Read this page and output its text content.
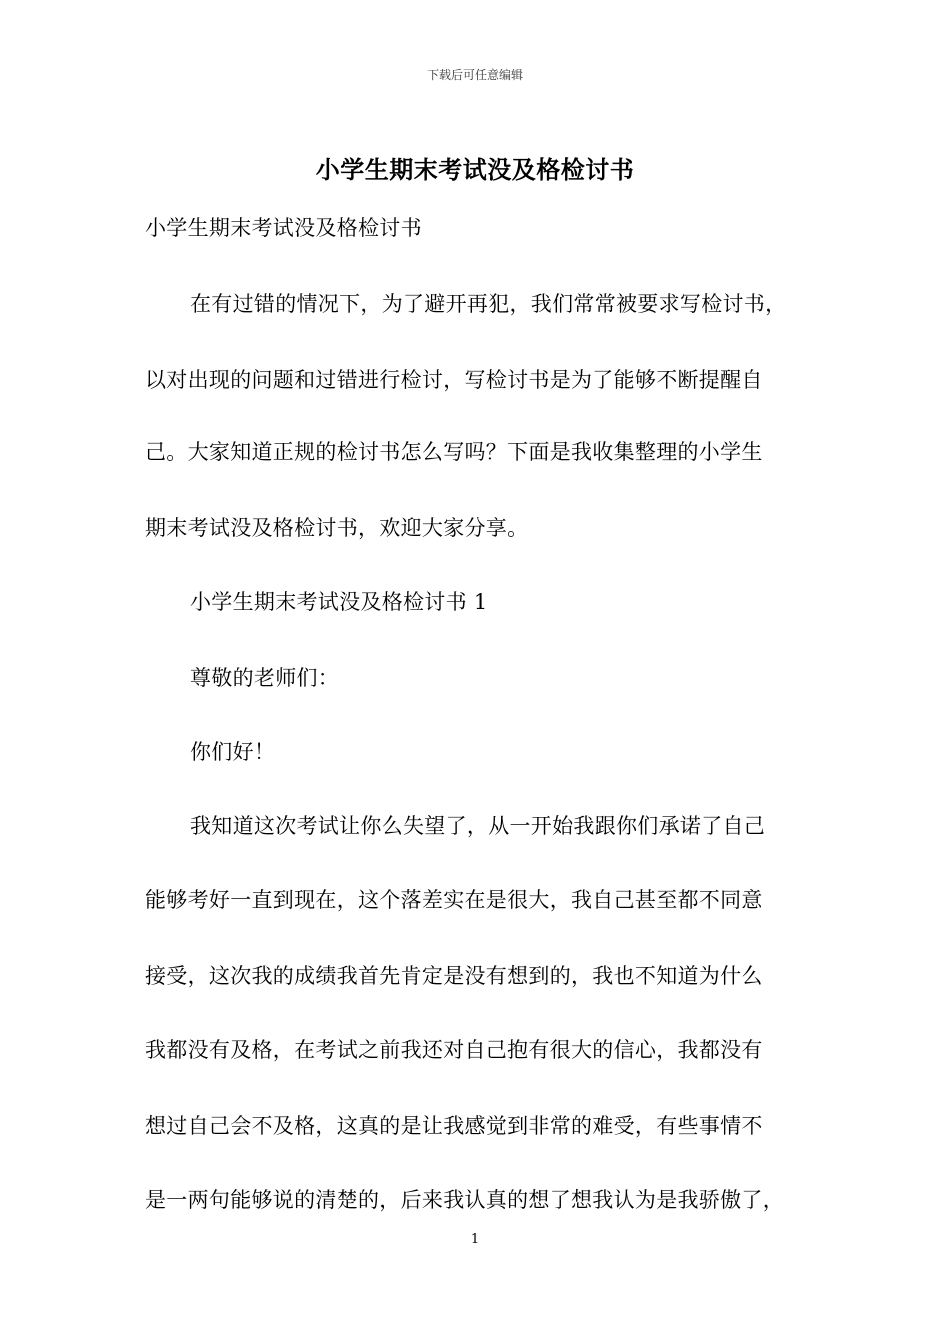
下载后可任意编辑
小学生期末考试没及格检讨书
小学生期末考试没及格检讨书
在有过错的情况下，为了避开再犯，我们常常被要求写检讨书，
以对出现的问题和过错进行检讨，写检讨书是为了能够不断提醒自
己。大家知道正规的检讨书怎么写吗？下面是我收集整理的小学生
期末考试没及格检讨书，欢迎大家分享。
小学生期末考试没及格检讨书 1
尊敬的老师们：
你们好！
我知道这次考试让你么失望了，从一开始我跟你们承诺了自己
能够考好一直到现在，这个落差实在是很大，我自己甚至都不同意
接受，这次我的成绩我首先肯定是没有想到的，我也不知道为什么
我都没有及格，在考试之前我还对自己抱有很大的信心，我都没有
想过自己会不及格，这真的是让我感觉到非常的难受，有些事情不
是一两句能够说的清楚的，后来我认真的想了想我认为是我骄傲了，
1
